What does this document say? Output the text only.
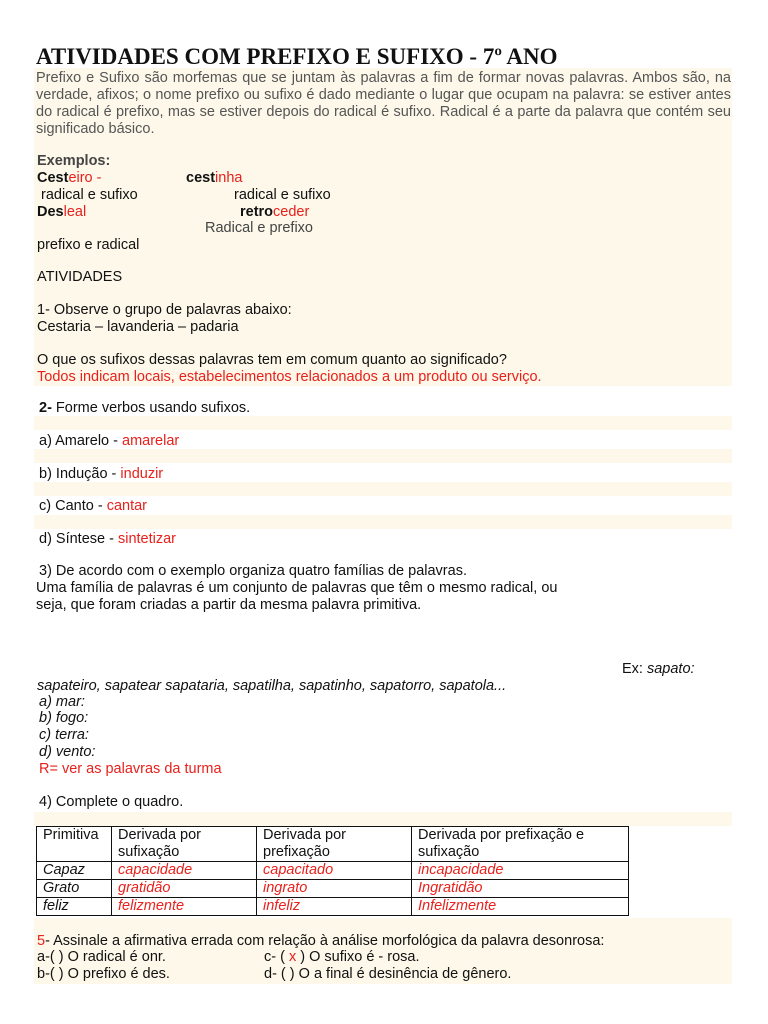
ATIVIDADES COM PREFIXO E SUFIXO - 7º ANO
Prefixo e Sufixo são morfemas que se juntam às palavras a fim de formar novas palavras. Ambos são, na verdade, afixos; o nome prefixo ou sufixo é dado mediante o lugar que ocupam na palavra: se estiver antes do radical é prefixo, mas se estiver depois do radical é sufixo. Radical é a parte da palavra que contém seu significado básico.
Exemplos:
Cesteiro -	cestinha
radical e sufixo	radical e sufixo
Desleal	retroceder
Radical e prefixo
prefixo e radical
ATIVIDADES
1- Observe o grupo de palavras abaixo:
Cestaria – lavanderia – padaria
O que os sufixos dessas palavras tem em comum quanto ao significado?
Todos indicam locais, estabelecimentos relacionados a um produto ou serviço.
2- Forme verbos usando sufixos.
a) Amarelo - amarelar
b) Indução - induzir
c) Canto - cantar
d) Síntese - sintetizar
3) De acordo com o exemplo organiza quatro famílias de palavras.
Uma família de palavras é um conjunto de palavras que têm o mesmo radical, ou
seja, que foram criadas a partir da mesma palavra primitiva.
Ex: sapato:
sapateiro, sapatear sapataria, sapatilha, sapatinho, sapatorro, sapatola...
a) mar:
b) fogo:
c) terra:
d) vento:
R= ver as palavras da turma
4) Complete o quadro.
Primitiva	Derivada por sufixação	Derivada por prefixação	Derivada por prefixação e sufixação
Capaz	capacidade	capacitado	incapacidade
Grato	gratidão	ingrato	Ingratidão
feliz	felizmente	infeliz	Infelizmente
5- Assinale a afirmativa errada com relação à análise morfológica da palavra desonrosa:
a-( ) O radical é onr.	c- ( x ) O sufixo é - rosa.
b-( ) O prefixo é des.	d- ( ) O a final é desinência de gênero.
